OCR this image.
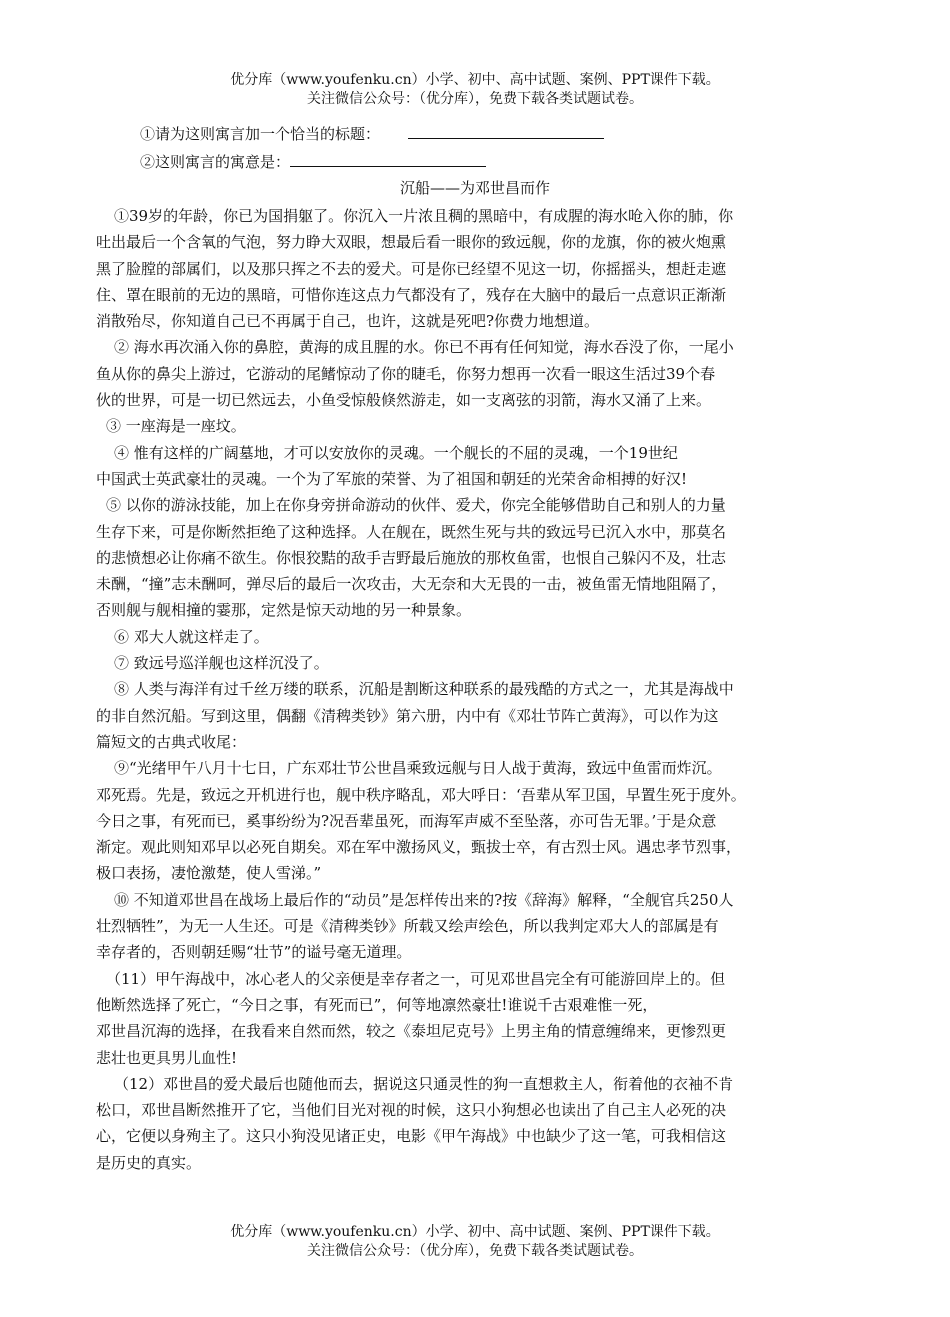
优分库（www.youfenku.cn）小学、初中、高中试题、案例、PPT课件下载。
关注微信公众号：（优分库），免费下载各类试题试卷。
①请为这则寓言加一个恰当的标题：
②这则寓言的寓意是：
沉船——为邓世昌而作
①39岁的年龄，你已为国捐躯了。你沉入一片浓且稠的黑暗中，有成腥的海水呛入你的肺，你
吐出最后一个含氧的气泡，努力睁大双眼，想最后看一眼你的致远舰，你的龙旗，你的被火炮熏
黑了脸膛的部属们，以及那只挥之不去的爱犬。可是你已经望不见这一切，你摇摇头，想赶走遮
住、罩在眼前的无边的黑暗，可惜你连这点力气都没有了，残存在大脑中的最后一点意识正渐渐
消散殆尽，你知道自己已不再属于自己，也许，这就是死吧?你费力地想道。
② 海水再次涌入你的鼻腔，黄海的成且腥的水。你已不再有任何知觉，海水吞没了你，一尾小
鱼从你的鼻尖上游过，它游动的尾鳍惊动了你的睫毛，你努力想再一次看一眼这生活过39个春
伙的世界，可是一切已然远去，小鱼受惊般倏然游走，如一支离弦的羽箭，海水又涌了上来。
③ 一座海是一座坟。
④ 惟有这样的广阔墓地，才可以安放你的灵魂。一个舰长的不屈的灵魂，一个19世纪
中国武士英武豪壮的灵魂。一个为了军旅的荣誉、为了祖国和朝廷的光荣舍命相搏的好汉!
⑤ 以你的游泳技能，加上在你身旁拼命游动的伙伴、爱犬，你完全能够借助自己和别人的力量
生存下来，可是你断然拒绝了这种选择。人在舰在，既然生死与共的致远号已沉入水中，那莫名
的悲愤想必让你痛不欲生。你恨狡黠的敌手吉野最后施放的那枚鱼雷，也恨自己躲闪不及，壮志
未酬，“撞”志未酬呵，弹尽后的最后一次攻击，大无奈和大无畏的一击，被鱼雷无情地阻隔了，
否则舰与舰相撞的霎那，定然是惊天动地的另一种景象。
⑥ 邓大人就这样走了。
⑦ 致远号巡洋舰也这样沉没了。
⑧ 人类与海洋有过千丝万缕的联系，沉船是割断这种联系的最残酷的方式之一，尤其是海战中
的非自然沉船。写到这里，偶翻《清稗类钞》第六册，内中有《邓壮节阵亡黄海》，可以作为这
篇短文的古典式收尾：
⑨“光绪甲午八月十七日，广东邓壮节公世昌乘致远舰与日人战于黄海，致远中鱼雷而炸沉。
邓死焉。先是，致远之开机进行也，舰中秩序略乱，邓大呼日：‘吾辈从军卫国，早置生死于度外。
今日之事，有死而已，奚事纷纷为?况吾辈虽死，而海军声威不至坠落，亦可告无罪。’于是众意
渐定。观此则知邓早以必死自期矣。邓在军中激扬风义，甄拔士卒，有古烈士风。遇忠孝节烈事，
极口表扬，凄怆激楚，使人雪涕。”
⑩ 不知道邓世昌在战场上最后作的“动员”是怎样传出来的?按《辞海》解释，“全舰官兵250人
壮烈牺牲”，为无一人生还。可是《清稗类钞》所载又绘声绘色，所以我判定邓大人的部属是有
幸存者的，否则朝廷赐“壮节”的谥号毫无道理。
（11）甲午海战中，冰心老人的父亲便是幸存者之一，可见邓世昌完全有可能游回岸上的。但
他断然选择了死亡，“今日之事，有死而已”，何等地凛然豪壮!谁说千古艰难惟一死，
邓世昌沉海的选择，在我看来自然而然，较之《泰坦尼克号》上男主角的情意缠绵来，更惨烈更
悲壮也更具男儿血性!
（12）邓世昌的爱犬最后也随他而去，据说这只通灵性的狗一直想救主人，衔着他的衣袖不肯
松口，邓世昌断然推开了它，当他们目光对视的时候，这只小狗想必也读出了自己主人必死的决
心，它便以身殉主了。这只小狗没见诸正史，电影《甲午海战》中也缺少了这一笔，可我相信这
是历史的真实。
优分库（www.youfenku.cn）小学、初中、高中试题、案例、PPT课件下载。
关注微信公众号：（优分库），免费下载各类试题试卷。
